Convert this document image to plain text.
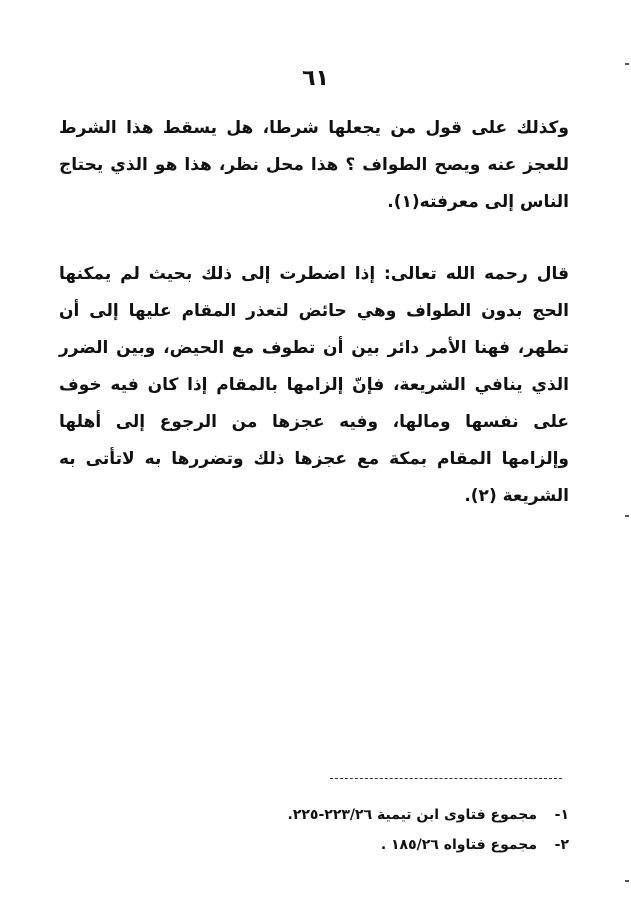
٦١

وكذلك على قول من يجعلها شرطا، هل يسقط هذا الشرط للعجز عنه ويصح الطواف ؟ هذا محل نظر، هذا هو الذي يحتاج الناس إلى معرفته(١).

قال رحمه الله تعالى: إذا اضطرت إلى ذلك بحيث لم يمكنها الحج بدون الطواف وهي حائض لتعذر المقام عليها إلى أن تطهر، فهنا الأمر دائر بين أن تطوف مع الحيض، وبين الضرر الذي ينافي الشريعة، فإنّ إلزامها بالمقام إذا كان فيه خوف على نفسها ومالها، وفيه عجزها من الرجوع إلى أهلها وإلزامها المقام بمكة مع عجزها ذلك وتضررها به لاتأتى به الشريعة (٢).

١-
مجموع فتاوى ابن تيمية ٢٢٣/٢٦-٢٢٥.
٢-
مجموع فتاواه ١٨٥/٢٦ .
